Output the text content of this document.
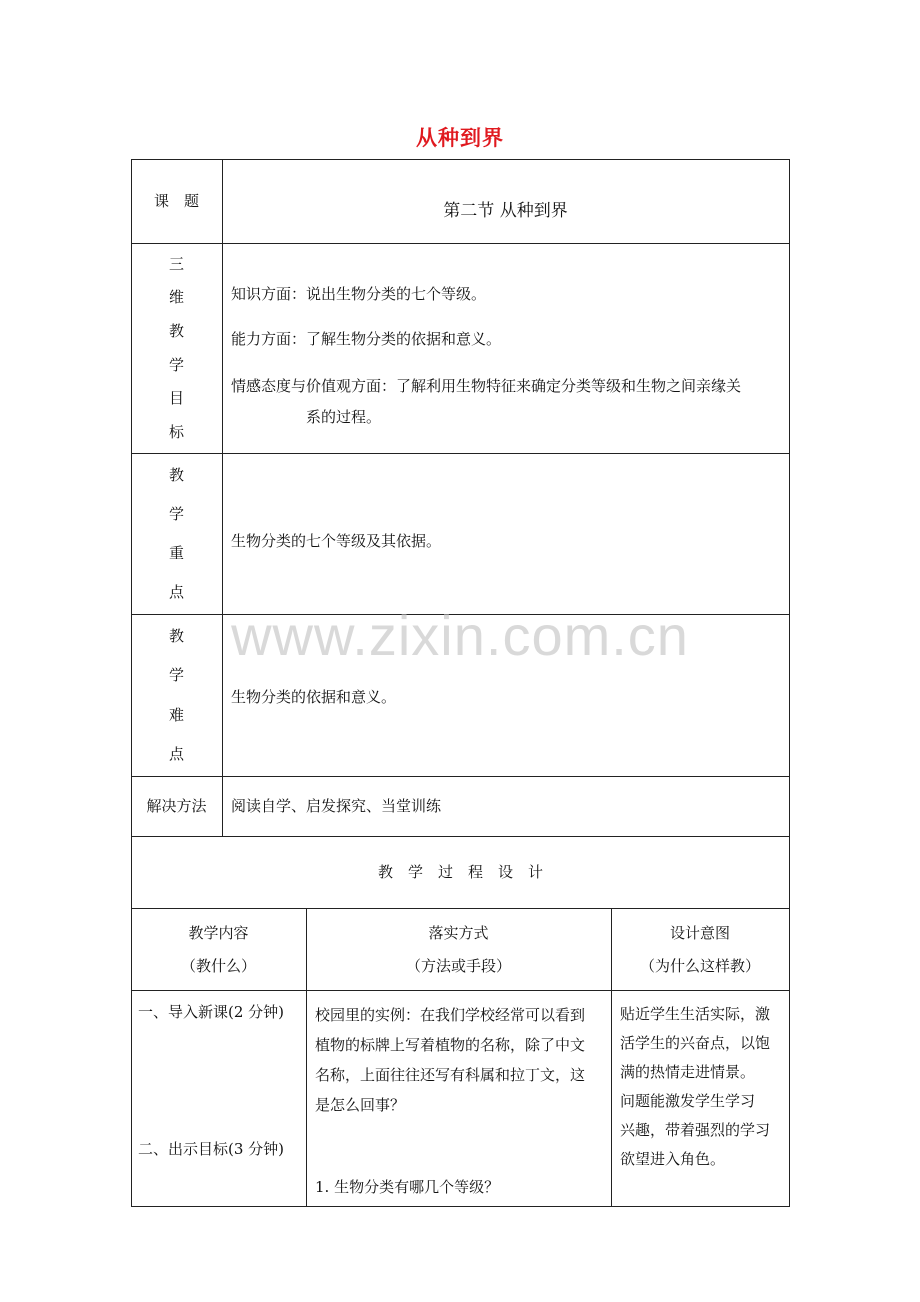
从种到界
课　题	第二节 从种到界
三
维
教
学
目
标
知识方面：说出生物分类的七个等级。
能力方面：了解生物分类的依据和意义。
情感态度与价值观方面：了解利用生物特征来确定分类等级和生物之间亲缘关
系的过程。
教
学
重
点
生物分类的七个等级及其依据。
教
学
难
点
生物分类的依据和意义。
解决方法	阅读自学、启发探究、当堂训练
教　学　过　程　设　计

教学内容

（教什么）

落实方式

（方法或手段）

设计意图

（为什么这样教）

一、导入新课(2 分钟)
二、出示目标(3 分钟)

校园里的实例：在我们学校经常可以看到

植物的标牌上写着植物的名称，除了中文

名称，上面往往还写有科属和拉丁文，这

是怎么回事？

1. 生物分类有哪几个等级？

贴近学生生活实际，激

活学生的兴奋点，以饱

满的热情走进情景。

问题能激发学生学习

兴趣，带着强烈的学习

欲望进入角色。

www.zixin.com.cn
